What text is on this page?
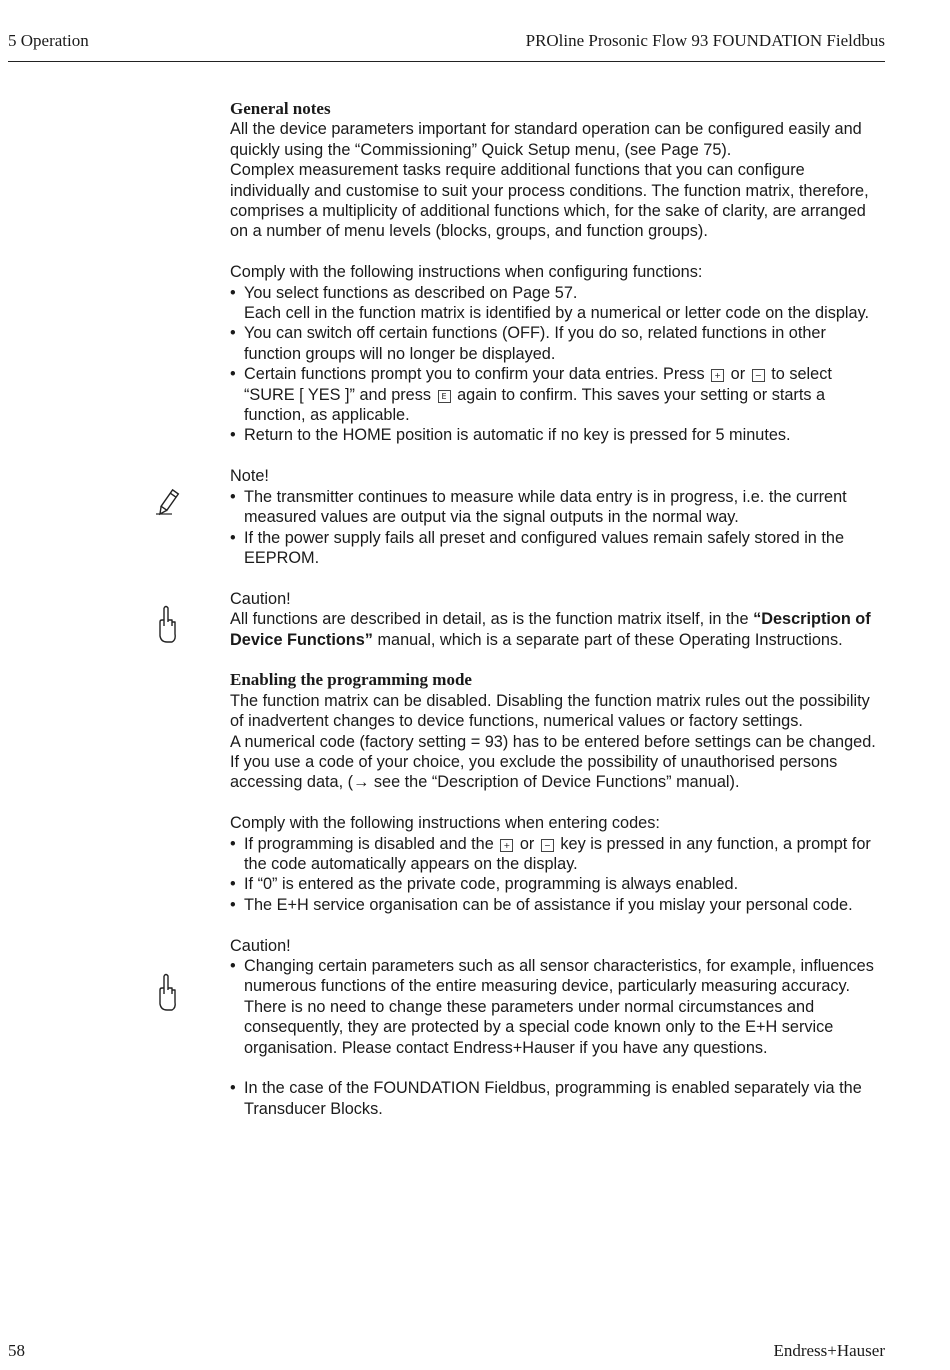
5 Operation	PROline Prosonic Flow 93 FOUNDATION Fieldbus

General notes

All the device parameters important for standard operation can be configured easily and quickly using the “Commissioning” Quick Setup menu, (see Page 75).

Complex measurement tasks require additional functions that you can configure individually and customise to suit your process conditions. The function matrix, therefore, comprises a multiplicity of additional functions which, for the sake of clarity, are arranged on a number of menu levels (blocks, groups, and function groups).

Comply with the following instructions when configuring functions:

• You select functions as described on Page 57.
Each cell in the function matrix is identified by a numerical or letter code on the display.
• You can switch off certain functions (OFF). If you do so, related functions in other function groups will no longer be displayed.
• Certain functions prompt you to confirm your data entries. Press + or − to select “SURE [ YES ]” and press E again to confirm. This saves your setting or starts a function, as applicable.
• Return to the HOME position is automatic if no key is pressed for 5 minutes.

Note!

• The transmitter continues to measure while data entry is in progress, i.e. the current measured values are output via the signal outputs in the normal way.
• If the power supply fails all preset and configured values remain safely stored in the EEPROM.

Caution!

All functions are described in detail, as is the function matrix itself, in the “Description of Device Functions” manual, which is a separate part of these Operating Instructions.

Enabling the programming mode

The function matrix can be disabled. Disabling the function matrix rules out the possibility of inadvertent changes to device functions, numerical values or factory settings.

A numerical code (factory setting = 93) has to be entered before settings can be changed. If you use a code of your choice, you exclude the possibility of unauthorised persons accessing data, (→ see the “Description of Device Functions” manual).

Comply with the following instructions when entering codes:

• If programming is disabled and the + or − key is pressed in any function, a prompt for the code automatically appears on the display.
• If “0” is entered as the private code, programming is always enabled.
• The E+H service organisation can be of assistance if you mislay your personal code.

Caution!

• Changing certain parameters such as all sensor characteristics, for example, influences numerous functions of the entire measuring device, particularly measuring accuracy.
There is no need to change these parameters under normal circumstances and consequently, they are protected by a special code known only to the E+H service organisation. Please contact Endress+Hauser if you have any questions.
• In the case of the FOUNDATION Fieldbus, programming is enabled separately via the Transducer Blocks.
58	Endress+Hauser
